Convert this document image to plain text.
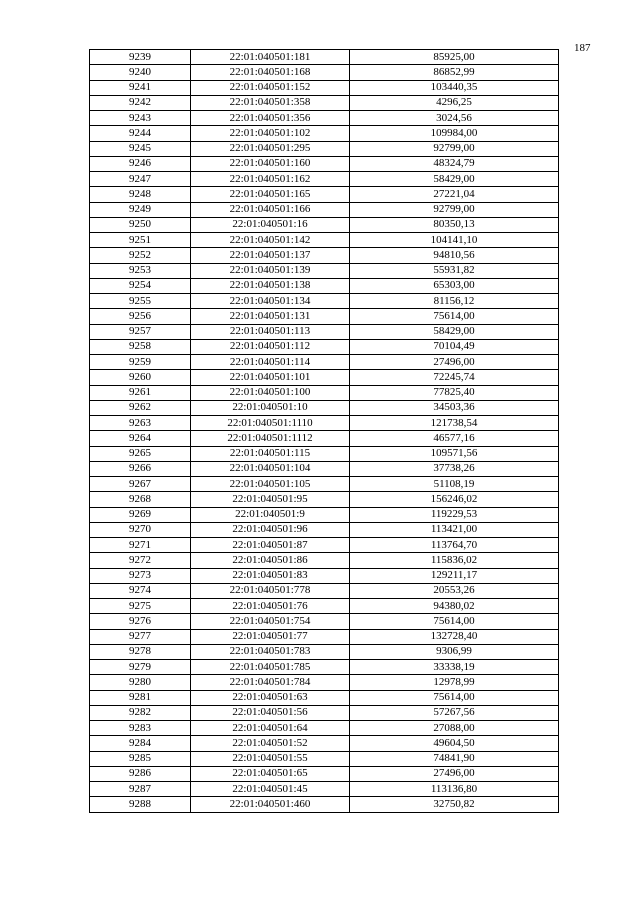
187
9239	22:01:040501:181	85925,00
9240	22:01:040501:168	86852,99
9241	22:01:040501:152	103440,35
9242	22:01:040501:358	4296,25
9243	22:01:040501:356	3024,56
9244	22:01:040501:102	109984,00
9245	22:01:040501:295	92799,00
9246	22:01:040501:160	48324,79
9247	22:01:040501:162	58429,00
9248	22:01:040501:165	27221,04
9249	22:01:040501:166	92799,00
9250	22:01:040501:16	80350,13
9251	22:01:040501:142	104141,10
9252	22:01:040501:137	94810,56
9253	22:01:040501:139	55931,82
9254	22:01:040501:138	65303,00
9255	22:01:040501:134	81156,12
9256	22:01:040501:131	75614,00
9257	22:01:040501:113	58429,00
9258	22:01:040501:112	70104,49
9259	22:01:040501:114	27496,00
9260	22:01:040501:101	72245,74
9261	22:01:040501:100	77825,40
9262	22:01:040501:10	34503,36
9263	22:01:040501:1110	121738,54
9264	22:01:040501:1112	46577,16
9265	22:01:040501:115	109571,56
9266	22:01:040501:104	37738,26
9267	22:01:040501:105	51108,19
9268	22:01:040501:95	156246,02
9269	22:01:040501:9	119229,53
9270	22:01:040501:96	113421,00
9271	22:01:040501:87	113764,70
9272	22:01:040501:86	115836,02
9273	22:01:040501:83	129211,17
9274	22:01:040501:778	20553,26
9275	22:01:040501:76	94380,02
9276	22:01:040501:754	75614,00
9277	22:01:040501:77	132728,40
9278	22:01:040501:783	9306,99
9279	22:01:040501:785	33338,19
9280	22:01:040501:784	12978,99
9281	22:01:040501:63	75614,00
9282	22:01:040501:56	57267,56
9283	22:01:040501:64	27088,00
9284	22:01:040501:52	49604,50
9285	22:01:040501:55	74841,90
9286	22:01:040501:65	27496,00
9287	22:01:040501:45	113136,80
9288	22:01:040501:460	32750,82
